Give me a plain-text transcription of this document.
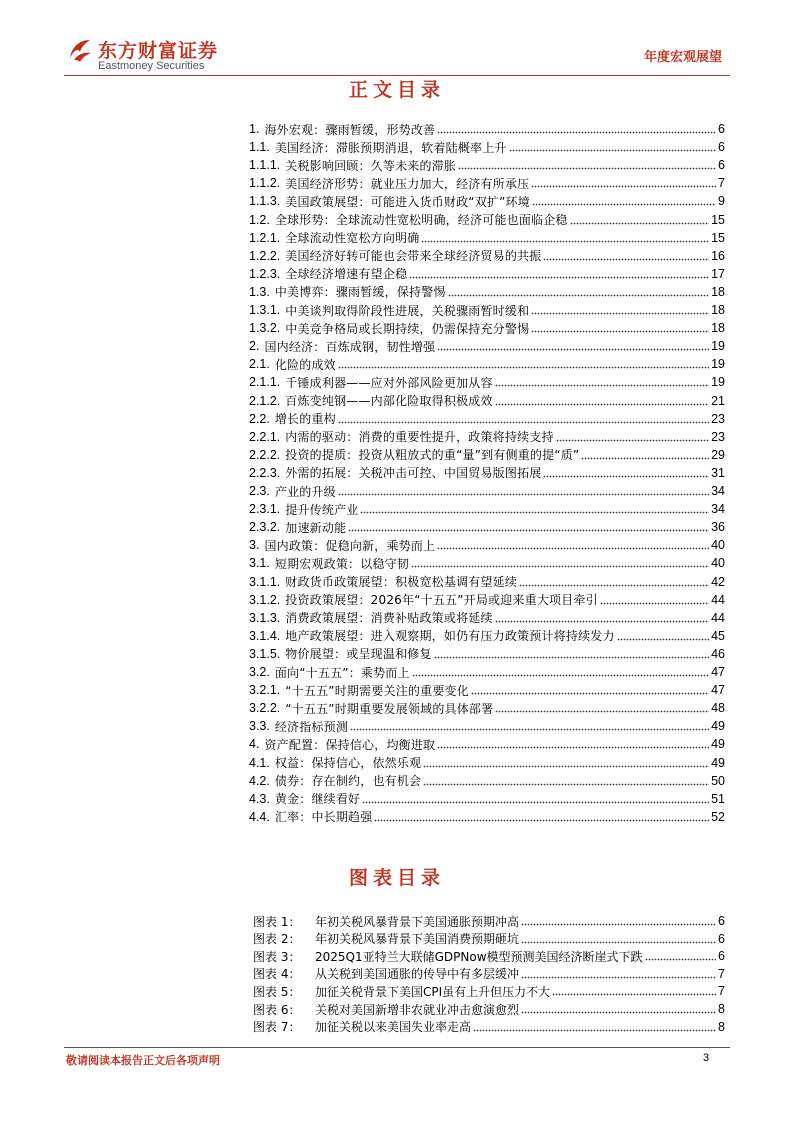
东方财富证券
Eastmoney Securities
年度宏观展望
正文目录
1. 海外宏观：骤雨暂缓，形势改善	6
1.1. 美国经济：滞胀预期消退，软着陆概率上升	6
1.1.1. 关税影响回顾：久等未来的滞胀	6
1.1.2. 美国经济形势：就业压力加大，经济有所承压	7
1.1.3. 美国政策展望：可能进入货币财政“双扩”环境	9
1.2. 全球形势：全球流动性宽松明确，经济可能也面临企稳	15
1.2.1. 全球流动性宽松方向明确	15
1.2.2. 美国经济好转可能也会带来全球经济贸易的共振	16
1.2.3. 全球经济增速有望企稳	17
1.3. 中美博弈：骤雨暂缓，保持警惕	18
1.3.1. 中美谈判取得阶段性进展，关税骤雨暂时缓和	18
1.3.2. 中美竞争格局或长期持续，仍需保持充分警惕	18
2. 国内经济：百炼成钢，韧性增强	19
2.1. 化险的成效	19
2.1.1. 千锤成利器——应对外部风险更加从容	19
2.1.2. 百炼变纯钢——内部化险取得积极成效	21
2.2. 增长的重构	23
2.2.1. 内需的驱动：消费的重要性提升，政策将持续支持	23
2.2.2. 投资的提质：投资从粗放式的重“量”到有侧重的提“质”	29
2.2.3. 外需的拓展：关税冲击可控、中国贸易版图拓展	31
2.3. 产业的升级	34
2.3.1. 提升传统产业	34
2.3.2. 加速新动能	36
3. 国内政策：促稳向新，乘势而上	40
3.1. 短期宏观政策：以稳守韧	40
3.1.1. 财政货币政策展望：积极宽松基调有望延续	42
3.1.2. 投资政策展望：2026年“十五五”开局或迎来重大项目牵引	44
3.1.3. 消费政策展望：消费补贴政策或将延续	44
3.1.4. 地产政策展望：进入观察期，如仍有压力政策预计将持续发力	45
3.1.5. 物价展望：或呈现温和修复	46
3.2. 面向“十五五”：乘势而上	47
3.2.1. “十五五”时期需要关注的重要变化	47
3.2.2. “十五五”时期重要发展领域的具体部署	48
3.3. 经济指标预测	49
4. 资产配置：保持信心，均衡进取	49
4.1. 权益：保持信心，依然乐观	49
4.2. 债券：存在制约，也有机会	50
4.3. 黄金：继续看好	51
4.4. 汇率：中长期趋强	52
图表目录
图表 1：	年初关税风暴背景下美国通胀预期冲高	6
图表 2：	年初关税风暴背景下美国消费预期砸坑	6
图表 3：	2025Q1亚特兰大联储GDPNow模型预测美国经济断崖式下跌	6
图表 4：	从关税到美国通胀的传导中有多层缓冲	7
图表 5：	加征关税背景下美国CPI虽有上升但压力不大	7
图表 6：	关税对美国新增非农就业冲击愈演愈烈	8
图表 7：	加征关税以来美国失业率走高	8
敬请阅读本报告正文后各项声明	3
